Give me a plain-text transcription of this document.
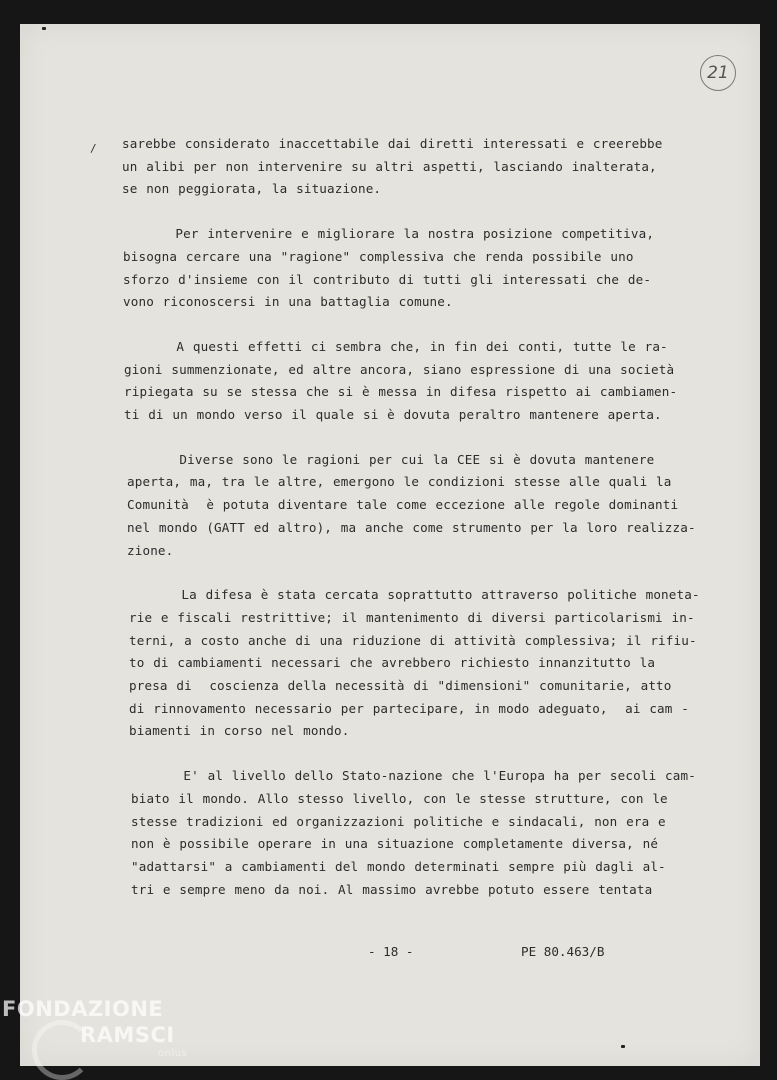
21
/ sarebbe considerato inaccettabile dai diretti interessati e creerebbe
un alibi per non intervenire su altri aspetti, lasciando inalterata,
se non peggiorata, la situazione.
Per intervenire e migliorare la nostra posizione competitiva,
bisogna cercare una "ragione" complessiva che renda possibile uno
sforzo d'insieme con il contributo di tutti gli interessati che de-
vono riconoscersi in una battaglia comune.
A questi effetti ci sembra che, in fin dei conti, tutte le ra-
gioni summenzionate, ed altre ancora, siano espressione di una società
ripiegata su se stessa che si è messa in difesa rispetto ai cambiamen-
ti di un mondo verso il quale si è dovuta peraltro mantenere aperta.
Diverse sono le ragioni per cui la CEE si è dovuta mantenere
aperta, ma, tra le altre, emergono le condizioni stesse alle quali la
Comunità  è potuta diventare tale come eccezione alle regole dominanti
nel mondo (GATT ed altro), ma anche come strumento per la loro realizza-
zione.
La difesa è stata cercata soprattutto attraverso politiche moneta-
rie e fiscali restrittive; il mantenimento di diversi particolarismi in-
terni, a costo anche di una riduzione di attività complessiva; il rifiu-
to di cambiamenti necessari che avrebbero richiesto innanzitutto la
presa di  coscienza della necessità di "dimensioni" comunitarie, atto
di rinnovamento necessario per partecipare, in modo adeguato,  ai cam -
biamenti in corso nel mondo.
E' al livello dello Stato-nazione che l'Europa ha per secoli cam-
biato il mondo. Allo stesso livello, con le stesse strutture, con le
stesse tradizioni ed organizzazioni politiche e sindacali, non era e
non è possibile operare in una situazione completamente diversa, né
"adattarsi" a cambiamenti del mondo determinati sempre più dagli al-
tri e sempre meno da noi. Al massimo avrebbe potuto essere tentata
- 18 -	PE 80.463/B
FONDAZIONE
RAMSCI
onlus
